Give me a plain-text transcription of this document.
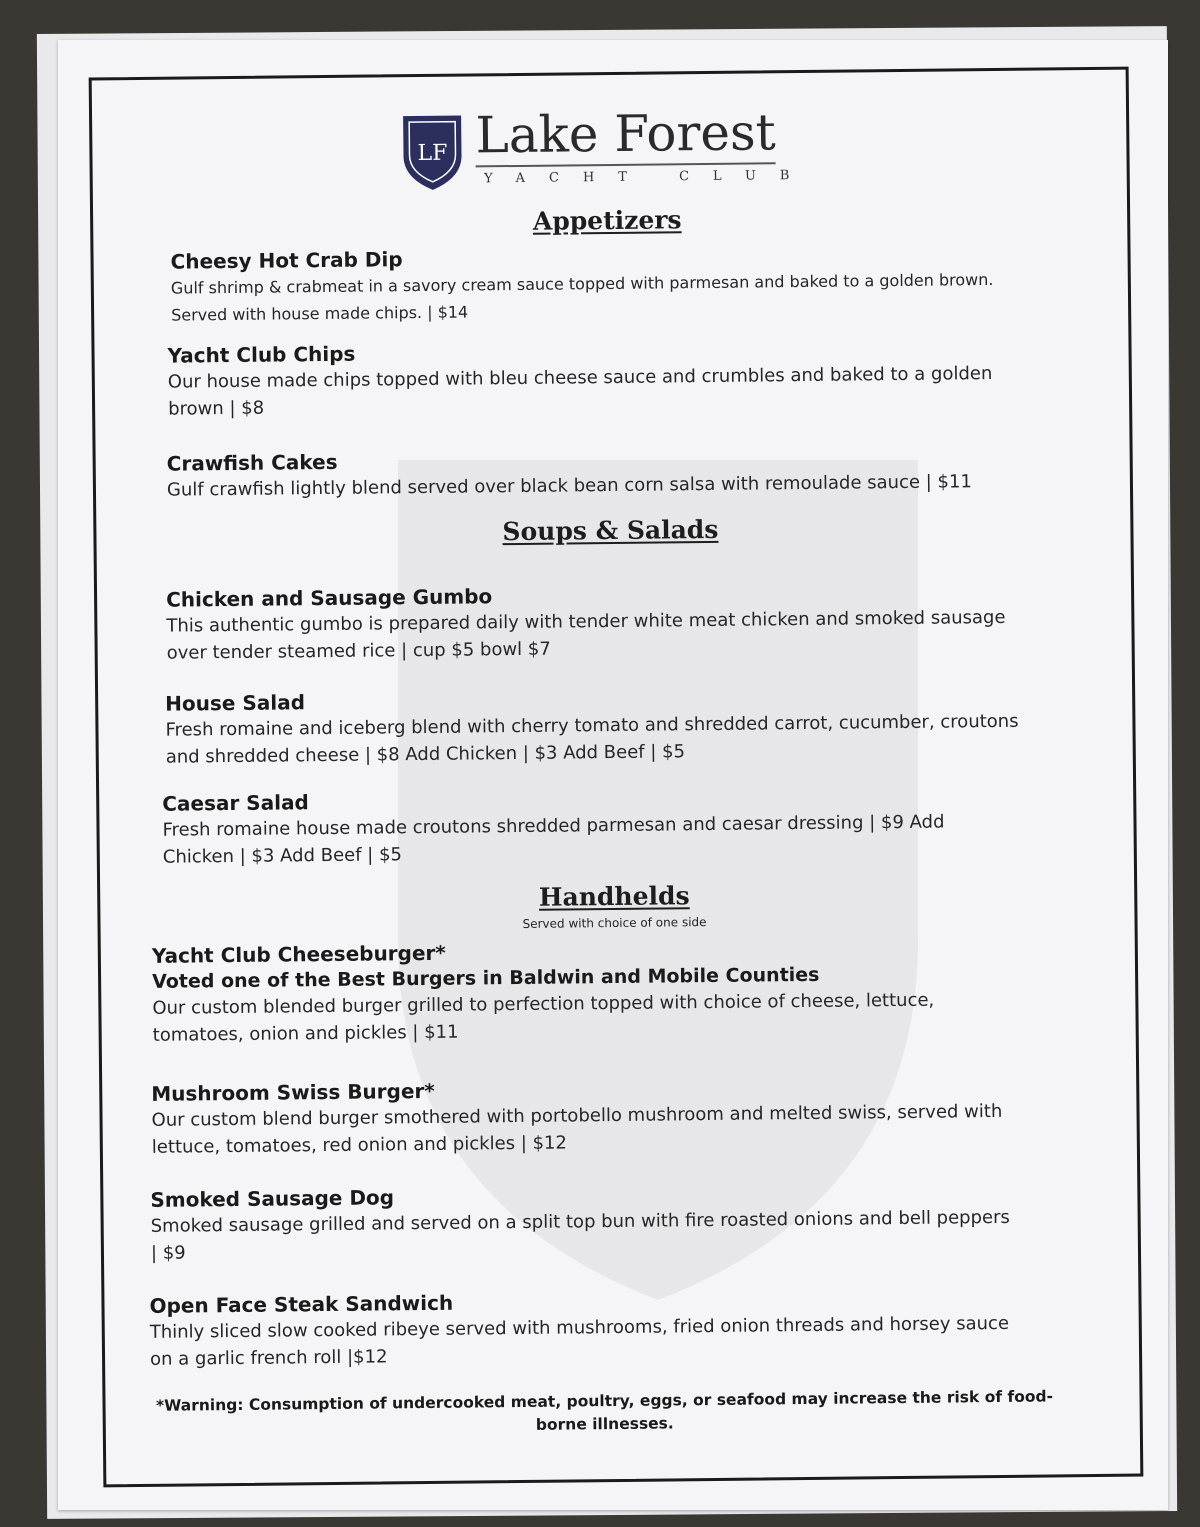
LF Lake Forest
YACHT CLUB
Appetizers
Cheesy Hot Crab Dip
Gulf shrimp & crabmeat in a savory cream sauce topped with parmesan and baked to a golden brown. Served with house made chips. | $14
Yacht Club Chips
Our house made chips topped with bleu cheese sauce and crumbles and baked to a golden brown | $8
Crawfish Cakes
Gulf crawfish lightly blend served over black bean corn salsa with remoulade sauce | $11
Soups & Salads
Chicken and Sausage Gumbo
This authentic gumbo is prepared daily with tender white meat chicken and smoked sausage over tender steamed rice | cup $5 bowl $7
House Salad
Fresh romaine and iceberg blend with cherry tomato and shredded carrot, cucumber, croutons and shredded cheese | $8 Add Chicken | $3 Add Beef | $5
Caesar Salad
Fresh romaine house made croutons shredded parmesan and caesar dressing | $9 Add Chicken | $3 Add Beef | $5
Handhelds
Served with choice of one side
Yacht Club Cheeseburger*
Voted one of the Best Burgers in Baldwin and Mobile Counties
Our custom blended burger grilled to perfection topped with choice of cheese, lettuce, tomatoes, onion and pickles | $11
Mushroom Swiss Burger*
Our custom blend burger smothered with portobello mushroom and melted swiss, served with lettuce, tomatoes, red onion and pickles | $12
Smoked Sausage Dog
Smoked sausage grilled and served on a split top bun with fire roasted onions and bell peppers | $9
Open Face Steak Sandwich
Thinly sliced slow cooked ribeye served with mushrooms, fried onion threads and horsey sauce on a garlic french roll |$12
*Warning: Consumption of undercooked meat, poultry, eggs, or seafood may increase the risk of food-borne illnesses.
